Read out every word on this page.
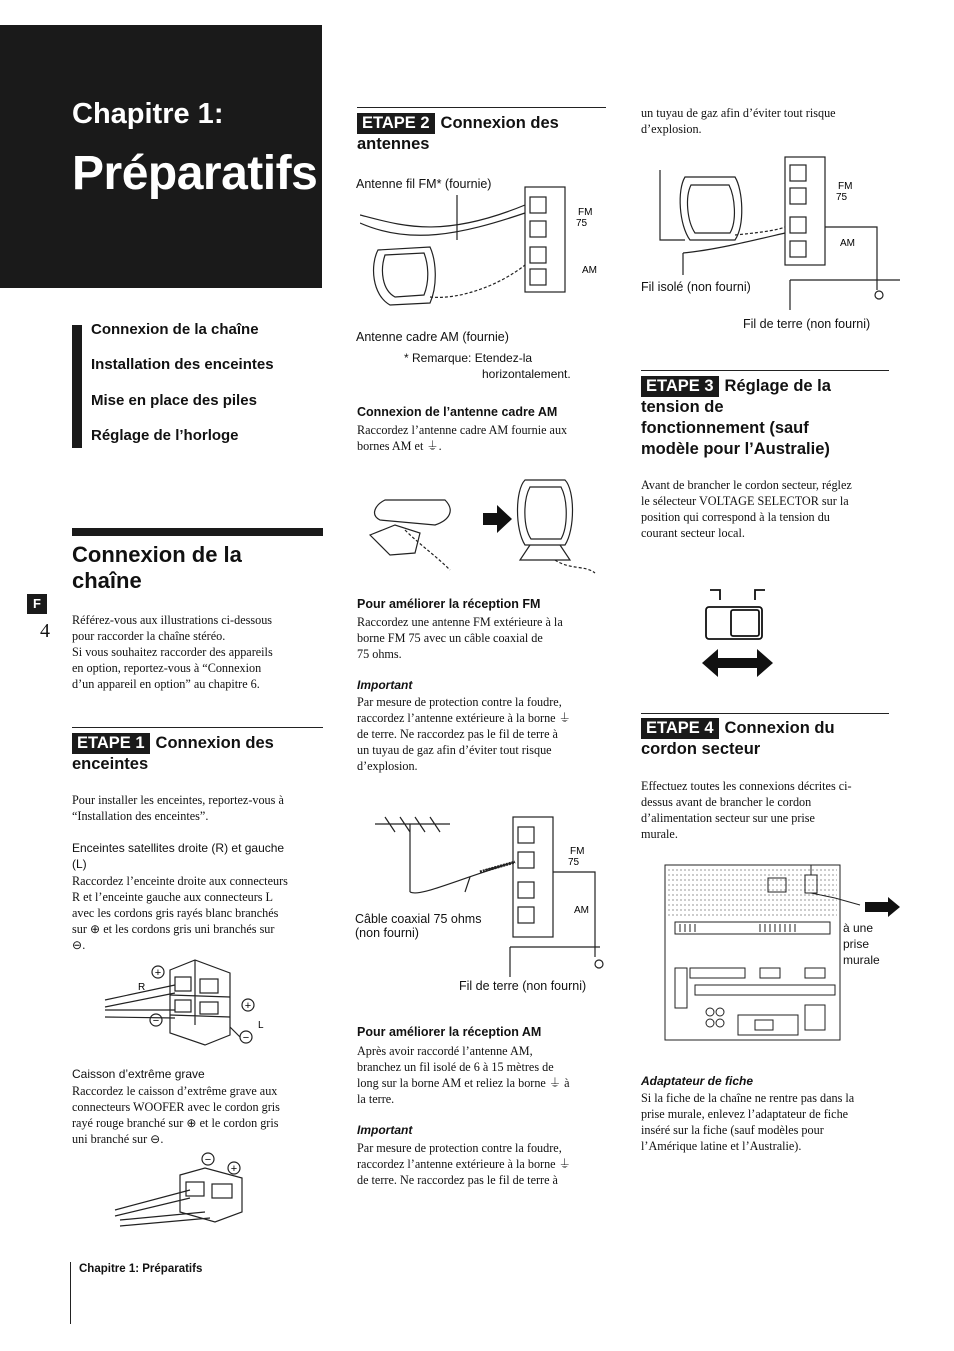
Chapitre 1:
Préparatifs
Connexion de la chaîne
Installation des enceintes
Mise en place des piles
Réglage de l’horloge
Connexion de la
chaîne
F
4 Référez-vous aux illustrations ci-dessous
pour raccorder la chaîne stéréo.
Si vous souhaitez raccorder des appareils
en option, reportez-vous à “Connexion
d’un appareil en option” au chapitre 6.
ETAPE 1 Connexion des
enceintes
Pour installer les enceintes, reportez-vous à
“Installation des enceintes”.
Enceintes satellites droite (R) et gauche
(L)
Raccordez l’enceinte droite aux connecteurs
R et l’enceinte gauche aux connecteurs L
avec les cordons gris rayés blanc branchés
sur ⊕ et les cordons gris uni branchés sur
⊖.
+
−
+
−
R
L
Caisson d’extrême grave
Raccordez le caisson d’extrême grave aux
connecteurs WOOFER avec le cordon gris
rayé rouge branché sur ⊕ et le cordon gris
uni branché sur ⊖.
−
+
Chapitre 1: Préparatifs
ETAPE 2 Connexion des
antennes
Antenne fil FM* (fournie)
FM
75
AM
Antenne cadre AM (fournie)
* Remarque: Etendez-la
horizontalement.
Connexion de l’antenne cadre AM
Raccordez l’antenne cadre AM fournie aux
bornes AM et ⏚.
Pour améliorer la réception FM
Raccordez une antenne FM extérieure à la
borne FM 75 avec un câble coaxial de
75 ohms.
Important
Par mesure de protection contre la foudre,
raccordez l’antenne extérieure à la borne ⏚
de terre. Ne raccordez pas le fil de terre à
un tuyau de gaz afin d’éviter tout risque
d’explosion.
FM
75
AM
Câble coaxial 75 ohms
(non fourni)
Fil de terre (non fourni)
Pour améliorer la réception AM
Après avoir raccordé l’antenne AM,
branchez un fil isolé de 6 à 15 mètres de
long sur la borne AM et reliez la borne ⏚ à
la terre.
Important
Par mesure de protection contre la foudre,
raccordez l’antenne extérieure à la borne ⏚
de terre. Ne raccordez pas le fil de terre à
un tuyau de gaz afin d’éviter tout risque
d’explosion.
FM
75
AM
Fil isolé (non fourni)
Fil de terre (non fourni)
ETAPE 3 Réglage de la
tension de
fonctionnement (sauf
modèle pour l’Australie)
Avant de brancher le cordon secteur, réglez
le sélecteur VOLTAGE SELECTOR sur la
position qui correspond à la tension du
courant secteur local.
ETAPE 4 Connexion du
cordon secteur
Effectuez toutes les connexions décrites ci-
dessus avant de brancher le cordon
d’alimentation secteur sur une prise
murale.
à une
prise
murale
Adaptateur de fiche
Si la fiche de la chaîne ne rentre pas dans la
prise murale, enlevez l’adaptateur de fiche
inséré sur la fiche (sauf modèles pour
l’Amérique latine et l’Australie).
